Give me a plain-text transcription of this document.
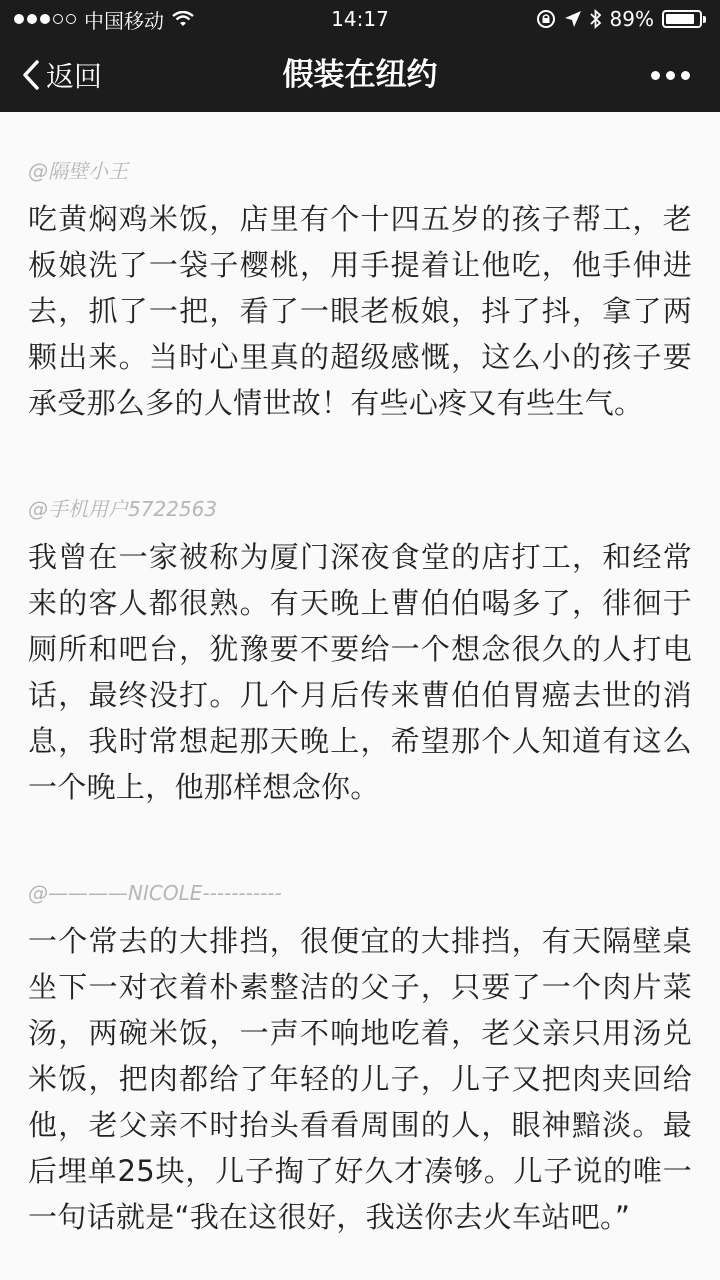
中国移动	14:17	89%
返回	假装在纽约

@隔壁小王

吃黄焖鸡米饭，店里有个十四五岁的孩子帮工，老板娘洗了一袋子樱桃，用手提着让他吃，他手伸进去，抓了一把，看了一眼老板娘，抖了抖，拿了两颗出来。当时心里真的超级感慨，这么小的孩子要承受那么多的人情世故！有些心疼又有些生气。

@手机用户5722563

我曾在一家被称为厦门深夜食堂的店打工，和经常来的客人都很熟。有天晚上曹伯伯喝多了，徘徊于厕所和吧台，犹豫要不要给一个想念很久的人打电话，最终没打。几个月后传来曹伯伯胃癌去世的消息，我时常想起那天晚上，希望那个人知道有这么一个晚上，他那样想念你。

@————NICOLE-----------

一个常去的大排挡，很便宜的大排挡，有天隔壁桌坐下一对衣着朴素整洁的父子，只要了一个肉片菜汤，两碗米饭，一声不响地吃着，老父亲只用汤兑米饭，把肉都给了年轻的儿子，儿子又把肉夹回给他，老父亲不时抬头看看周围的人，眼神黯淡。最后埋单25块，儿子掏了好久才凑够。儿子说的唯一一句话就是“我在这很好，我送你去火车站吧。”
